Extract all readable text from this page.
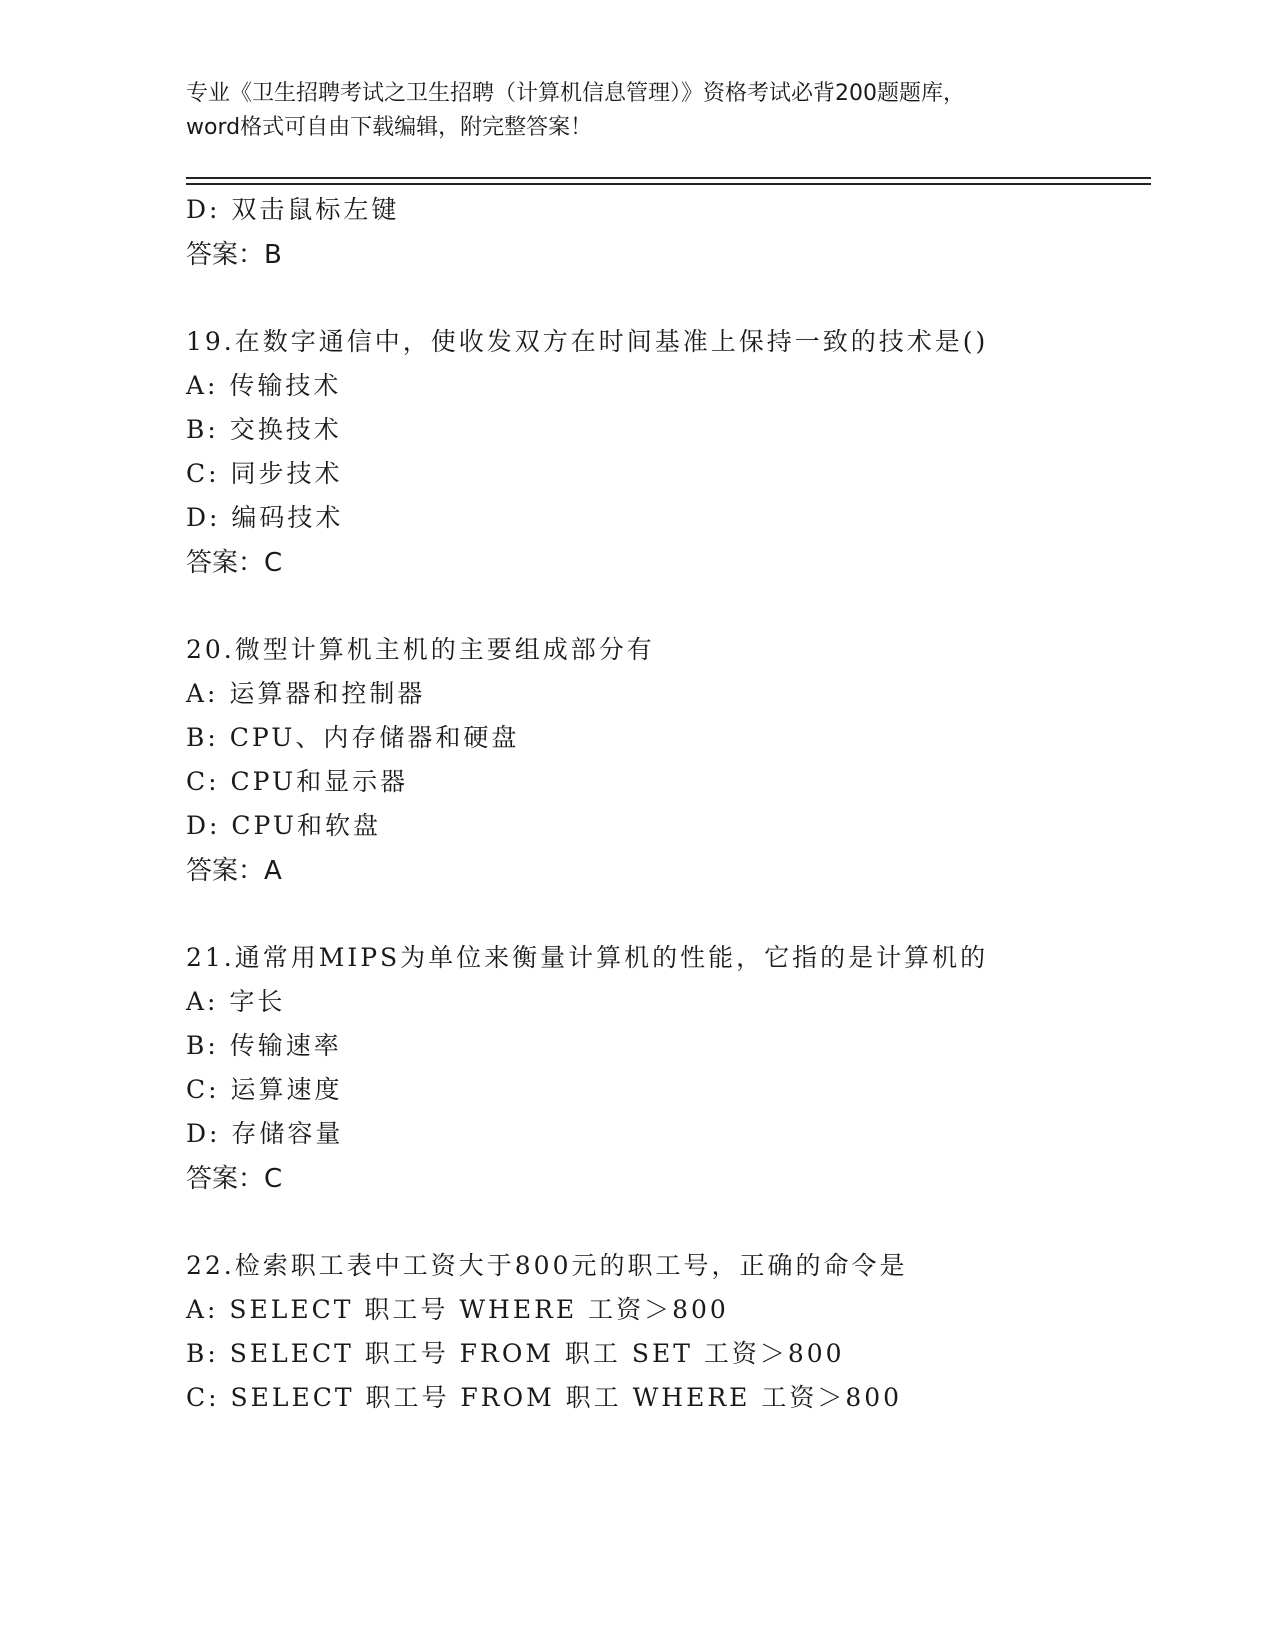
专业《卫生招聘考试之卫生招聘（计算机信息管理）》资格考试必背200题题库，
word格式可自由下载编辑，附完整答案！
D: 双击鼠标左键
答案：B
19.在数字通信中，使收发双方在时间基准上保持一致的技术是()
A: 传输技术
B: 交换技术
C: 同步技术
D: 编码技术
答案：C
20.微型计算机主机的主要组成部分有
A: 运算器和控制器
B: CPU、内存储器和硬盘
C: CPU和显示器
D: CPU和软盘
答案：A
21.通常用MIPS为单位来衡量计算机的性能，它指的是计算机的
A: 字长
B: 传输速率
C: 运算速度
D: 存储容量
答案：C
22.检索职工表中工资大于800元的职工号，正确的命令是
A: SELECT 职工号 WHERE 工资＞800
B: SELECT 职工号 FROM 职工 SET 工资＞800
C: SELECT 职工号 FROM 职工 WHERE 工资＞800
